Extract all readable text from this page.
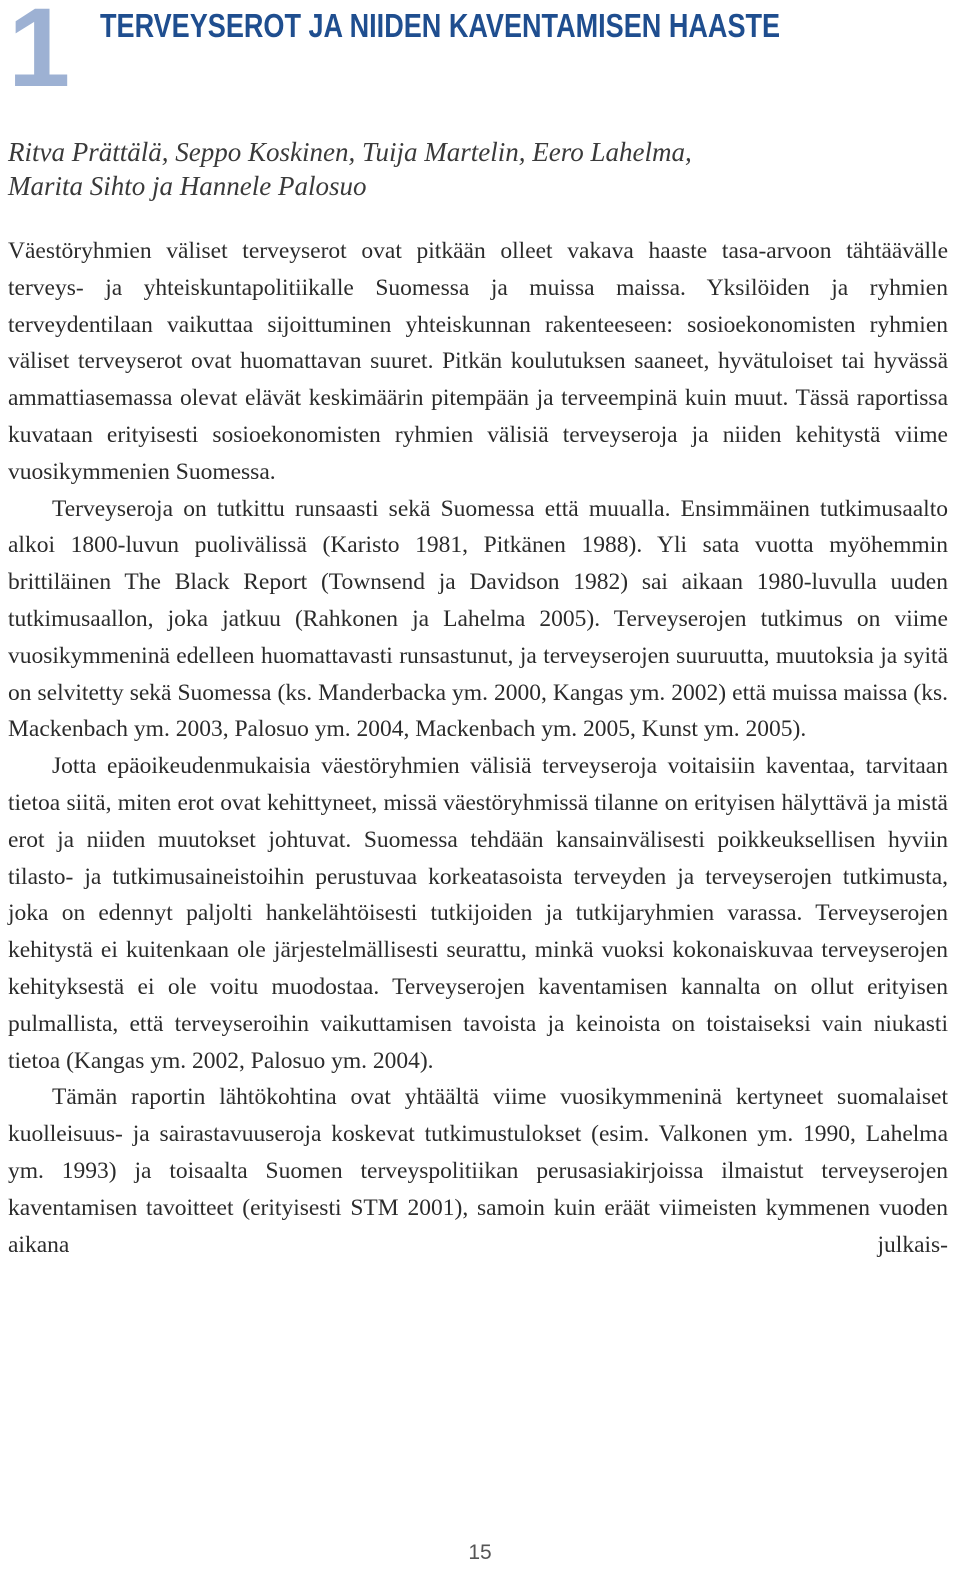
1 TERVEYSEROT JA NIIDEN KAVENTAMISEN HAASTE
Ritva Prättälä, Seppo Koskinen, Tuija Martelin, Eero Lahelma,
Marita Sihto ja Hannele Palosuo

Väestöryhmien väliset terveyserot ovat pitkään olleet vakava haaste tasa-arvoon tähtäävälle terveys- ja yhteiskuntapolitiikalle Suomessa ja muissa maissa. Yksilöiden ja ryhmien terveydentilaan vaikuttaa sijoittuminen yhteiskunnan rakenteeseen: sosioekonomisten ryhmien väliset terveyserot ovat huomattavan suuret. Pitkän koulutuksen saaneet, hyvätuloiset tai hyvässä ammattiasemassa olevat elävät keskimäärin pitempään ja terveempinä kuin muut. Tässä raportissa kuvataan erityisesti sosioekonomisten ryhmien välisiä terveyseroja ja niiden kehitystä viime vuosikymmenien Suomessa.

Terveyseroja on tutkittu runsaasti sekä Suomessa että muualla. Ensimmäinen tutkimusaalto alkoi 1800-luvun puolivälissä (Karisto 1981, Pitkänen 1988). Yli sata vuotta myöhemmin brittiläinen The Black Report (Townsend ja Davidson 1982) sai aikaan 1980-luvulla uuden tutkimusaallon, joka jatkuu (Rahkonen ja Lahelma 2005). Terveyserojen tutkimus on viime vuosikymmeninä edelleen huomattavasti runsastunut, ja terveyserojen suuruutta, muutoksia ja syitä on selvitetty sekä Suomessa (ks. Manderbacka ym. 2000, Kangas ym. 2002) että muissa maissa (ks. Mackenbach ym. 2003, Palosuo ym. 2004, Mackenbach ym. 2005, Kunst ym. 2005).

Jotta epäoikeudenmukaisia väestöryhmien välisiä terveyseroja voitaisiin kaventaa, tarvitaan tietoa siitä, miten erot ovat kehittyneet, missä väestöryhmissä tilanne on erityisen hälyttävä ja mistä erot ja niiden muutokset johtuvat. Suomessa tehdään kansainvälisesti poikkeuksellisen hyviin tilasto- ja tutkimusaineistoihin perustuvaa korkeatasoista terveyden ja terveyserojen tutkimusta, joka on edennyt paljolti hankelähtöisesti tutkijoiden ja tutkijaryhmien varassa. Terveyserojen kehitystä ei kuitenkaan ole järjestelmällisesti seurattu, minkä vuoksi kokonaiskuvaa terveyserojen kehityksestä ei ole voitu muodostaa. Terveyserojen kaventamisen kannalta on ollut erityisen pulmallista, että terveyseroihin vaikuttamisen tavoista ja keinoista on toistaiseksi vain niukasti tietoa (Kangas ym. 2002, Palosuo ym. 2004).

Tämän raportin lähtökohtina ovat yhtäältä viime vuosikymmeninä kertyneet suomalaiset kuolleisuus- ja sairastavuuseroja koskevat tutkimustulokset (esim. Valkonen ym. 1990, Lahelma ym. 1993) ja toisaalta Suomen terveyspolitiikan perusasiakirjoissa ilmaistut terveyserojen kaventamisen tavoitteet (erityisesti STM 2001), samoin kuin eräät viimeisten kymmenen vuoden aikana julkais-

15
